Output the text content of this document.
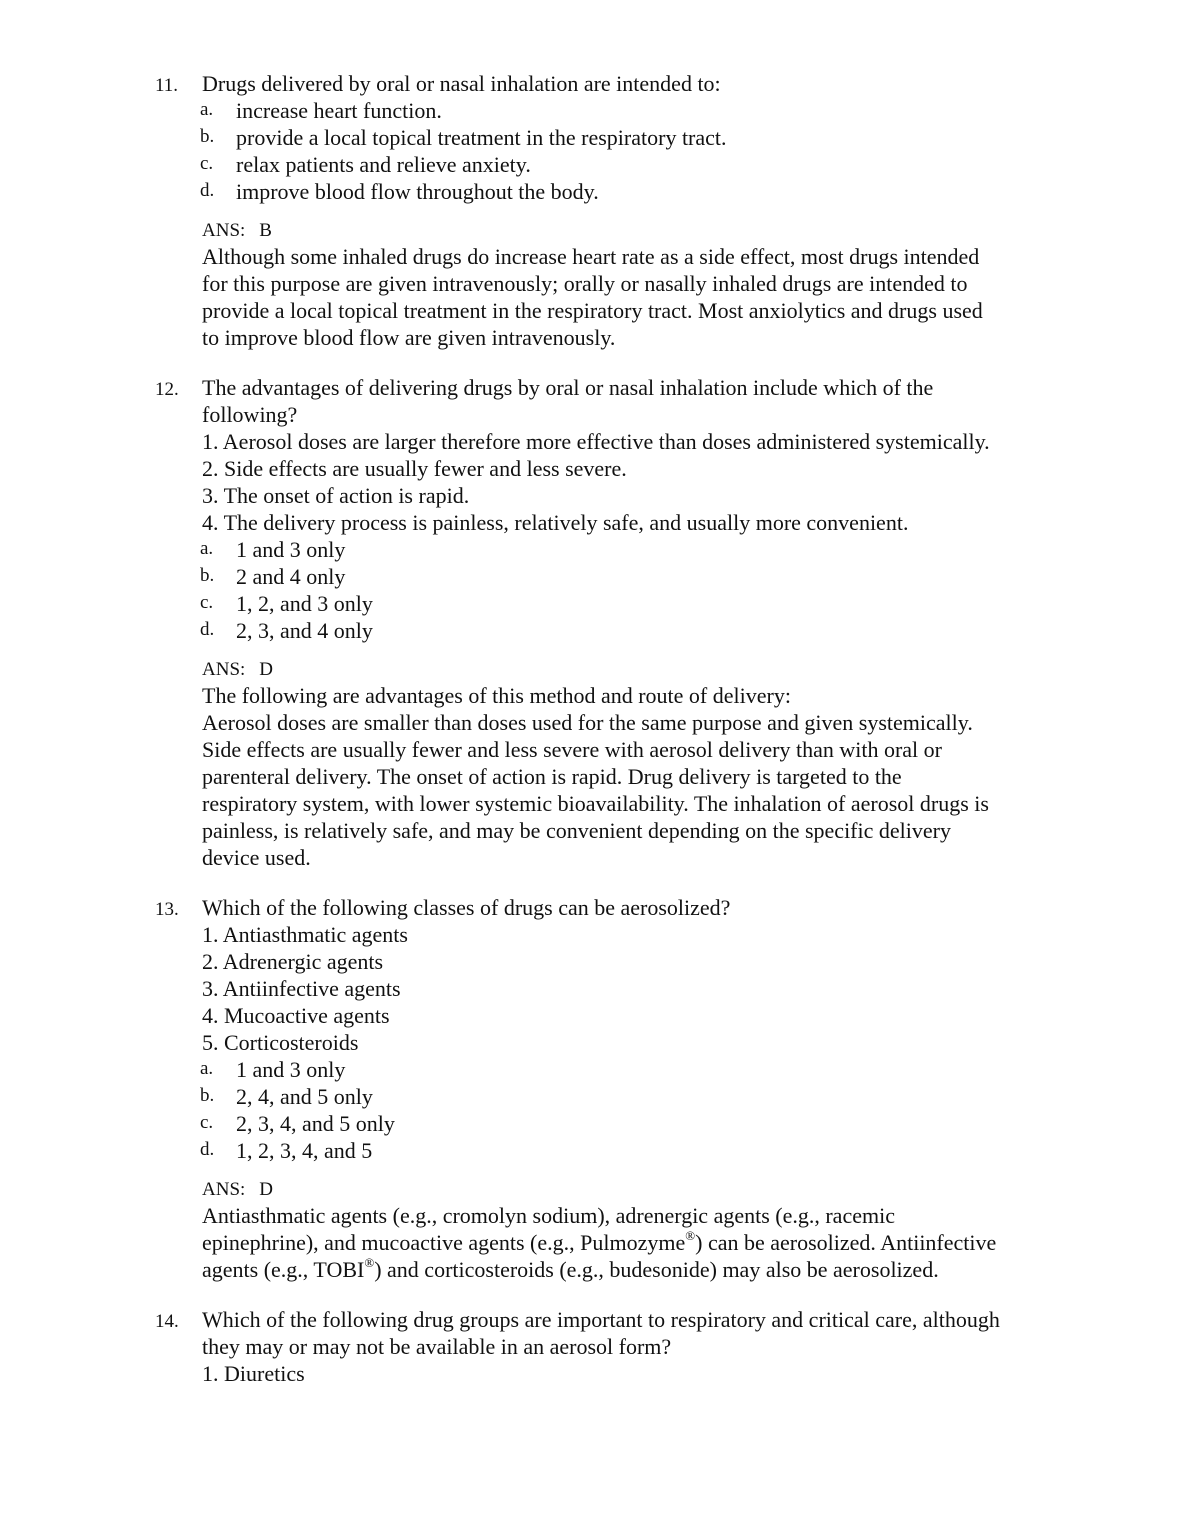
11. Drugs delivered by oral or nasal inhalation are intended to:
a. increase heart function.
b. provide a local topical treatment in the respiratory tract.
c. relax patients and relieve anxiety.
d. improve blood flow throughout the body.
ANS: B
Although some inhaled drugs do increase heart rate as a side effect, most drugs intended
for this purpose are given intravenously; orally or nasally inhaled drugs are intended to
provide a local topical treatment in the respiratory tract. Most anxiolytics and drugs used
to improve blood flow are given intravenously.
12. The advantages of delivering drugs by oral or nasal inhalation include which of the
following?
1. Aerosol doses are larger therefore more effective than doses administered systemically.
2. Side effects are usually fewer and less severe.
3. The onset of action is rapid.
4. The delivery process is painless, relatively safe, and usually more convenient.
a. 1 and 3 only
b. 2 and 4 only
c. 1, 2, and 3 only
d. 2, 3, and 4 only
ANS: D
The following are advantages of this method and route of delivery:
Aerosol doses are smaller than doses used for the same purpose and given systemically.
Side effects are usually fewer and less severe with aerosol delivery than with oral or
parenteral delivery. The onset of action is rapid. Drug delivery is targeted to the
respiratory system, with lower systemic bioavailability. The inhalation of aerosol drugs is
painless, is relatively safe, and may be convenient depending on the specific delivery
device used.
13. Which of the following classes of drugs can be aerosolized?
1. Antiasthmatic agents
2. Adrenergic agents
3. Antiinfective agents
4. Mucoactive agents
5. Corticosteroids
a. 1 and 3 only
b. 2, 4, and 5 only
c. 2, 3, 4, and 5 only
d. 1, 2, 3, 4, and 5
ANS: D
Antiasthmatic agents (e.g., cromolyn sodium), adrenergic agents (e.g., racemic
epinephrine), and mucoactive agents (e.g., Pulmozyme®) can be aerosolized. Antiinfective
agents (e.g., TOBI®) and corticosteroids (e.g., budesonide) may also be aerosolized.
14. Which of the following drug groups are important to respiratory and critical care, although
they may or may not be available in an aerosol form?
1. Diuretics
